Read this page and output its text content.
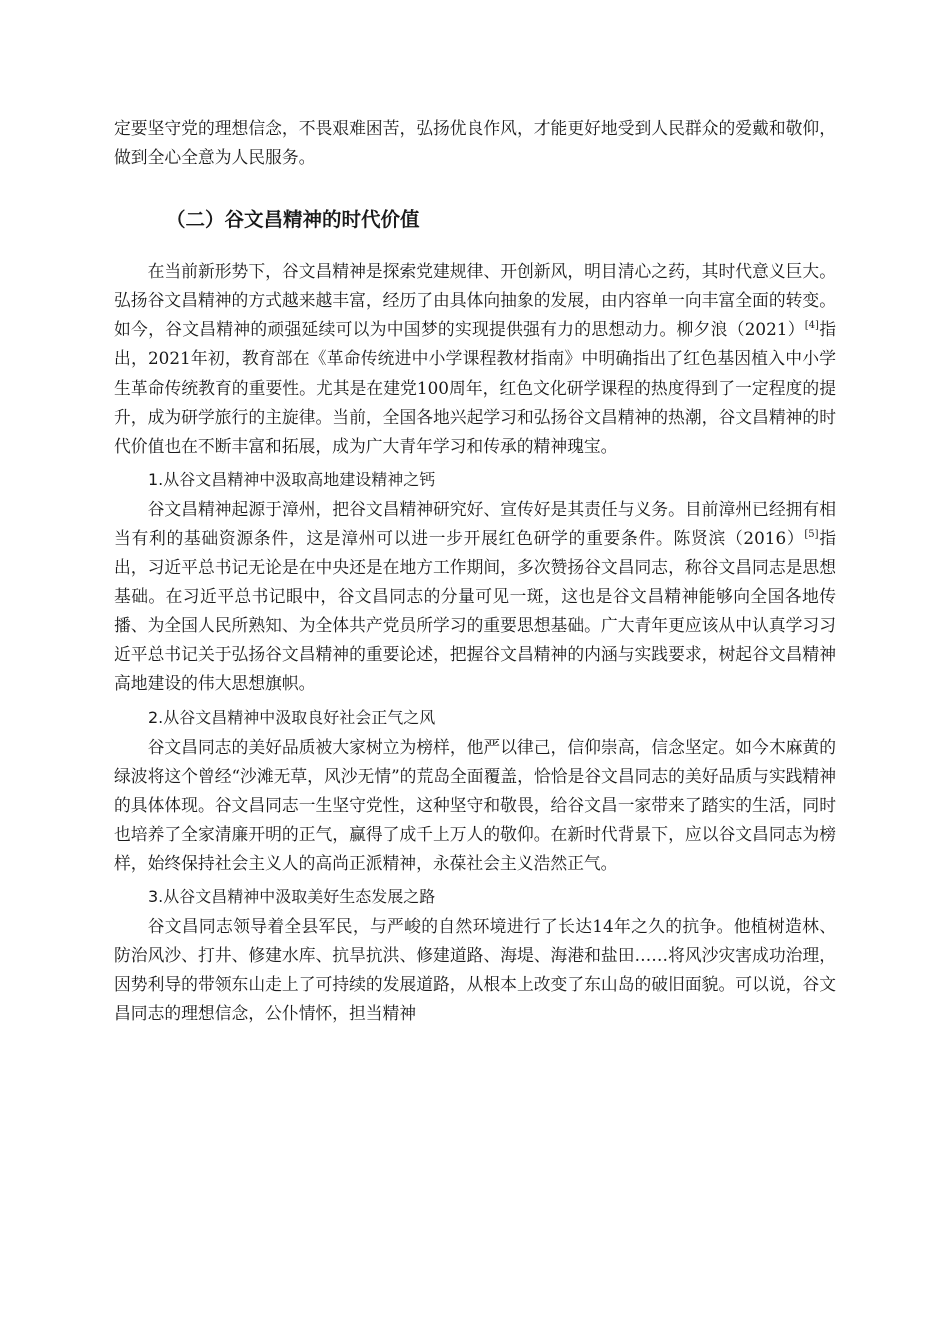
定要坚守党的理想信念，不畏艰难困苦，弘扬优良作风，才能更好地受到人民群众的爱戴和敬仰，做到全心全意为人民服务。

（二）谷文昌精神的时代价值

在当前新形势下，谷文昌精神是探索党建规律、开创新风，明目清心之药，其时代意义巨大。弘扬谷文昌精神的方式越来越丰富，经历了由具体向抽象的发展，由内容单一向丰富全面的转变。如今，谷文昌精神的顽强延续可以为中国梦的实现提供强有力的思想动力。柳夕浪（2021）[4]指出，2021年初，教育部在《革命传统进中小学课程教材指南》中明确指出了红色基因植入中小学生革命传统教育的重要性。尤其是在建党100周年，红色文化研学课程的热度得到了一定程度的提升，成为研学旅行的主旋律。当前，全国各地兴起学习和弘扬谷文昌精神的热潮，谷文昌精神的时代价值也在不断丰富和拓展，成为广大青年学习和传承的精神瑰宝。

1.从谷文昌精神中汲取高地建设精神之钙

谷文昌精神起源于漳州，把谷文昌精神研究好、宣传好是其责任与义务。目前漳州已经拥有相当有利的基础资源条件，这是漳州可以进一步开展红色研学的重要条件。陈贤滨（2016）[5]指出，习近平总书记无论是在中央还是在地方工作期间，多次赞扬谷文昌同志，称谷文昌同志是思想基础。在习近平总书记眼中，谷文昌同志的分量可见一斑，这也是谷文昌精神能够向全国各地传播、为全国人民所熟知、为全体共产党员所学习的重要思想基础。广大青年更应该从中认真学习习近平总书记关于弘扬谷文昌精神的重要论述，把握谷文昌精神的内涵与实践要求，树起谷文昌精神高地建设的伟大思想旗帜。

2.从谷文昌精神中汲取良好社会正气之风

谷文昌同志的美好品质被大家树立为榜样，他严以律己，信仰崇高，信念坚定。如今木麻黄的绿波将这个曾经“沙滩无草，风沙无情”的荒岛全面覆盖，恰恰是谷文昌同志的美好品质与实践精神的具体体现。谷文昌同志一生坚守党性，这种坚守和敬畏，给谷文昌一家带来了踏实的生活，同时也培养了全家清廉开明的正气，赢得了成千上万人的敬仰。在新时代背景下，应以谷文昌同志为榜样，始终保持社会主义人的高尚正派精神，永葆社会主义浩然正气。

3.从谷文昌精神中汲取美好生态发展之路

谷文昌同志领导着全县军民，与严峻的自然环境进行了长达14年之久的抗争。他植树造林、防治风沙、打井、修建水库、抗旱抗洪、修建道路、海堤、海港和盐田……将风沙灾害成功治理，因势利导的带领东山走上了可持续的发展道路，从根本上改变了东山岛的破旧面貌。可以说，谷文昌同志的理想信念，公仆情怀，担当精神
